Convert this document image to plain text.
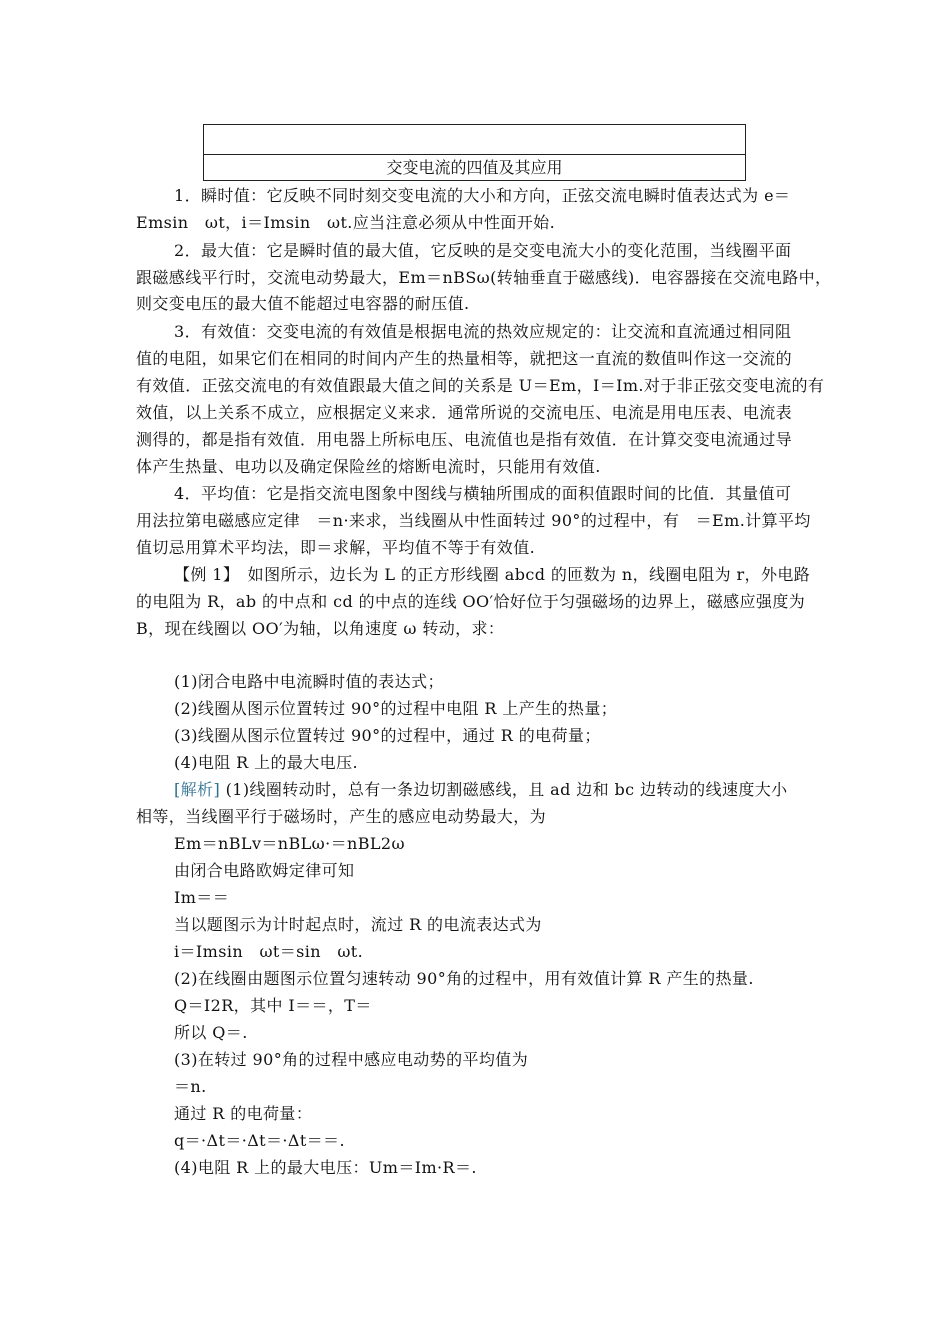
交变电流的四值及其应用
1．瞬时值：它反映不同时刻交变电流的大小和方向，正弦交流电瞬时值表达式为 e＝
Emsin　ωt，i＝Imsin　ωt.应当注意必须从中性面开始.
2．最大值：它是瞬时值的最大值，它反映的是交变电流大小的变化范围，当线圈平面
跟磁感线平行时，交流电动势最大，Em＝nBSω(转轴垂直于磁感线)．电容器接在交流电路中，
则交变电压的最大值不能超过电容器的耐压值.
3．有效值：交变电流的有效值是根据电流的热效应规定的：让交流和直流通过相同阻
值的电阻，如果它们在相同的时间内产生的热量相等，就把这一直流的数值叫作这一交流的
有效值．正弦交流电的有效值跟最大值之间的关系是 U＝Em，I＝Im.对于非正弦交变电流的有
效值，以上关系不成立，应根据定义来求．通常所说的交流电压、电流是用电压表、电流表
测得的，都是指有效值．用电器上所标电压、电流值也是指有效值．在计算交变电流通过导
体产生热量、电功以及确定保险丝的熔断电流时，只能用有效值.
4．平均值：它是指交流电图象中图线与横轴所围成的面积值跟时间的比值．其量值可
用法拉第电磁感应定律　＝n·来求，当线圈从中性面转过 90°的过程中，有　＝Em.计算平均
值切忌用算术平均法，即＝求解，平均值不等于有效值.
【例 1】　如图所示，边长为 L 的正方形线圈 abcd 的匝数为 n，线圈电阻为 r，外电路
的电阻为 R，ab 的中点和 cd 的中点的连线 OO′恰好位于匀强磁场的边界上，磁感应强度为
B，现在线圈以 OO′为轴，以角速度 ω 转动，求：
(1)闭合电路中电流瞬时值的表达式；
(2)线圈从图示位置转过 90°的过程中电阻 R 上产生的热量；
(3)线圈从图示位置转过 90°的过程中，通过 R 的电荷量；
(4)电阻 R 上的最大电压.
[解析] (1)线圈转动时，总有一条边切割磁感线，且 ad 边和 bc 边转动的线速度大小
相等，当线圈平行于磁场时，产生的感应电动势最大，为
Em＝nBLv＝nBLω·＝nBL2ω
由闭合电路欧姆定律可知
Im＝＝
当以题图示为计时起点时，流过 R 的电流表达式为
i＝Imsin　ωt＝sin　ωt.
(2)在线圈由题图示位置匀速转动 90°角的过程中，用有效值计算 R 产生的热量.
Q＝I2R，其中 I＝＝，T＝
所以 Q＝.
(3)在转过 90°角的过程中感应电动势的平均值为
＝n.
通过 R 的电荷量：
q＝·Δt＝·Δt＝·Δt＝＝.
(4)电阻 R 上的最大电压：Um＝Im·R＝.
